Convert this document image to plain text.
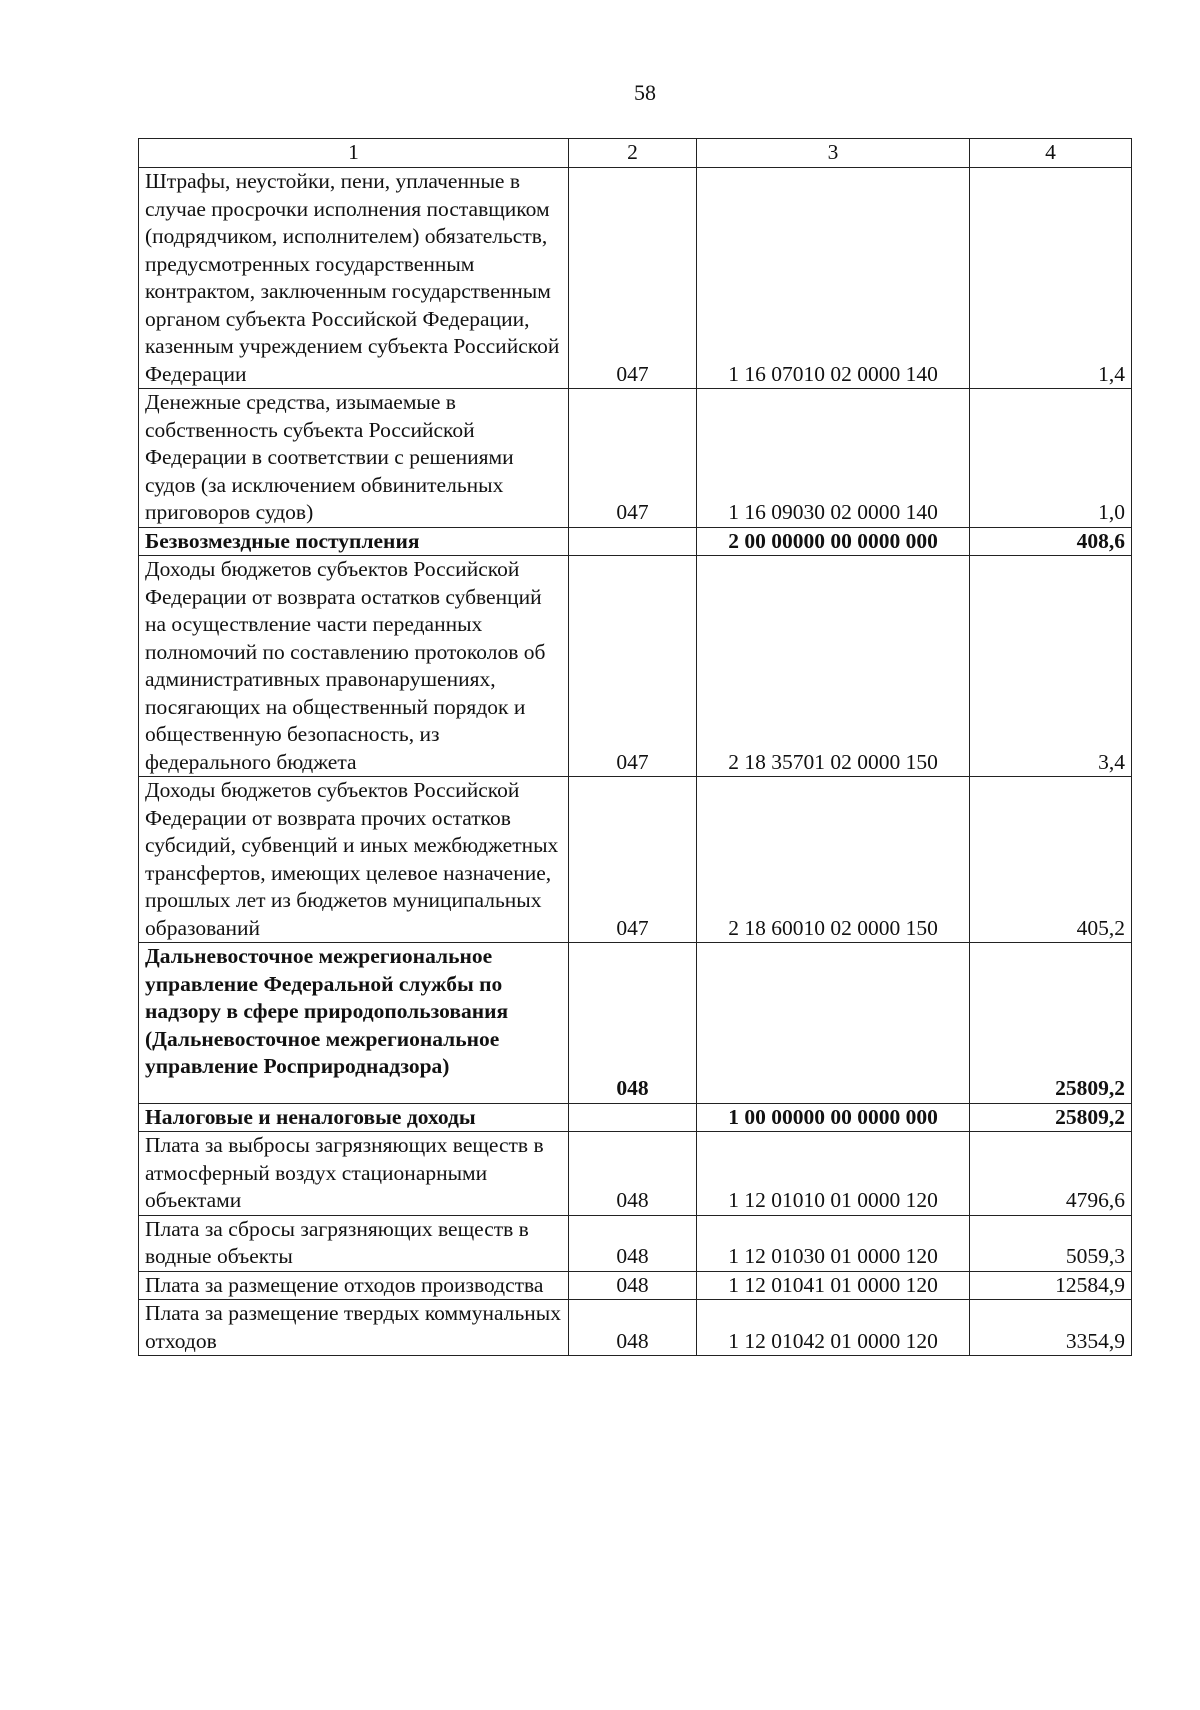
58
1	2	3	4
Штрафы, неустойки, пени, уплаченные в случае просрочки исполнения поставщиком (подрядчиком, исполнителем) обязательств, предусмотренных государственным контрактом, заключенным государственным органом субъекта Российской Федерации, казенным учреждением субъекта Российской Федерации	047	1 16 07010 02 0000 140	1,4
Денежные средства, изымаемые в собственность субъекта Российской Федерации в соответствии с решениями судов (за исключением обвинительных приговоров судов)	047	1 16 09030 02 0000 140	1,0
Безвозмездные поступления		2 00 00000 00 0000 000	408,6
Доходы бюджетов субъектов Российской Федерации от возврата остатков субвенций на осуществление части переданных полномочий по составлению протоколов об административных правонарушениях, посягающих на общественный порядок и общественную безопасность, из федерального бюджета	047	2 18 35701 02 0000 150	3,4
Доходы бюджетов субъектов Российской Федерации от возврата прочих остатков субсидий, субвенций и иных межбюджетных трансфертов, имеющих целевое назначение, прошлых лет из бюджетов муниципальных образований	047	2 18 60010 02 0000 150	405,2
Дальневосточное межрегиональное управление Федеральной службы по надзору в сфере природопользования (Дальневосточное межрегиональное управление Росприроднадзора)	048		25809,2
Налоговые и неналоговые доходы		1 00 00000 00 0000 000	25809,2
Плата за выбросы загрязняющих веществ в атмосферный воздух стационарными объектами	048	1 12 01010 01 0000 120	4796,6
Плата за сбросы загрязняющих веществ в водные объекты	048	1 12 01030 01 0000 120	5059,3
Плата за размещение отходов производства	048	1 12 01041 01 0000 120	12584,9
Плата за размещение твердых коммунальных отходов	048	1 12 01042 01 0000 120	3354,9
